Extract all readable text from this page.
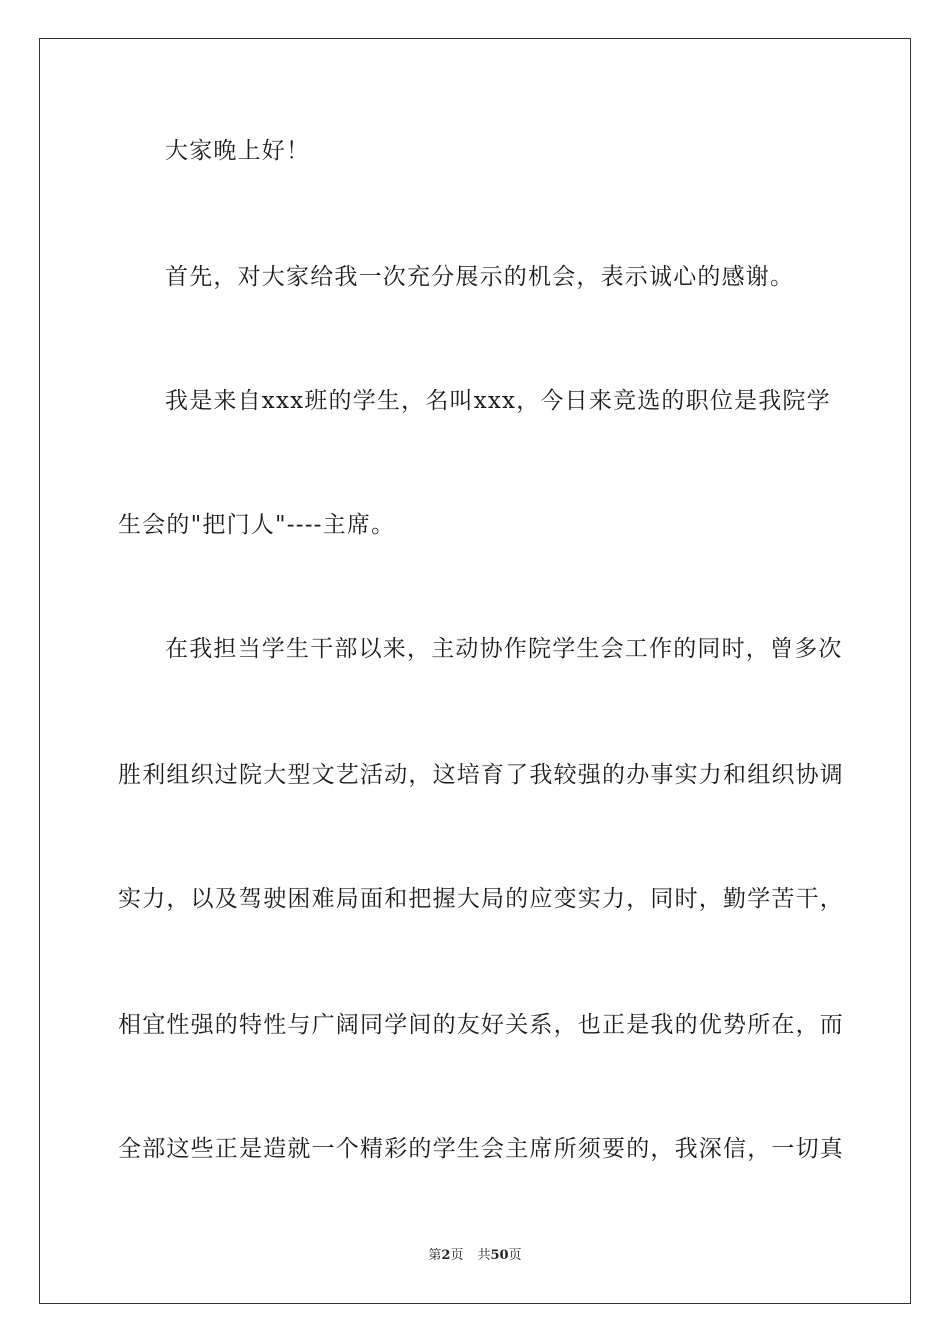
大家晚上好！
首先，对大家给我一次充分展示的机会，表示诚心的感谢。
我是来自xxx班的学生，名叫xxx，今日来竞选的职位是我院学
生会的"把门人"----主席。
在我担当学生干部以来，主动协作院学生会工作的同时，曾多次
胜利组织过院大型文艺活动，这培育了我较强的办事实力和组织协调
实力，以及驾驶困难局面和把握大局的应变实力，同时，勤学苦干，
相宜性强的特性与广阔同学间的友好关系，也正是我的优势所在，而
全部这些正是造就一个精彩的学生会主席所须要的，我深信，一切真
第2页 共50页
